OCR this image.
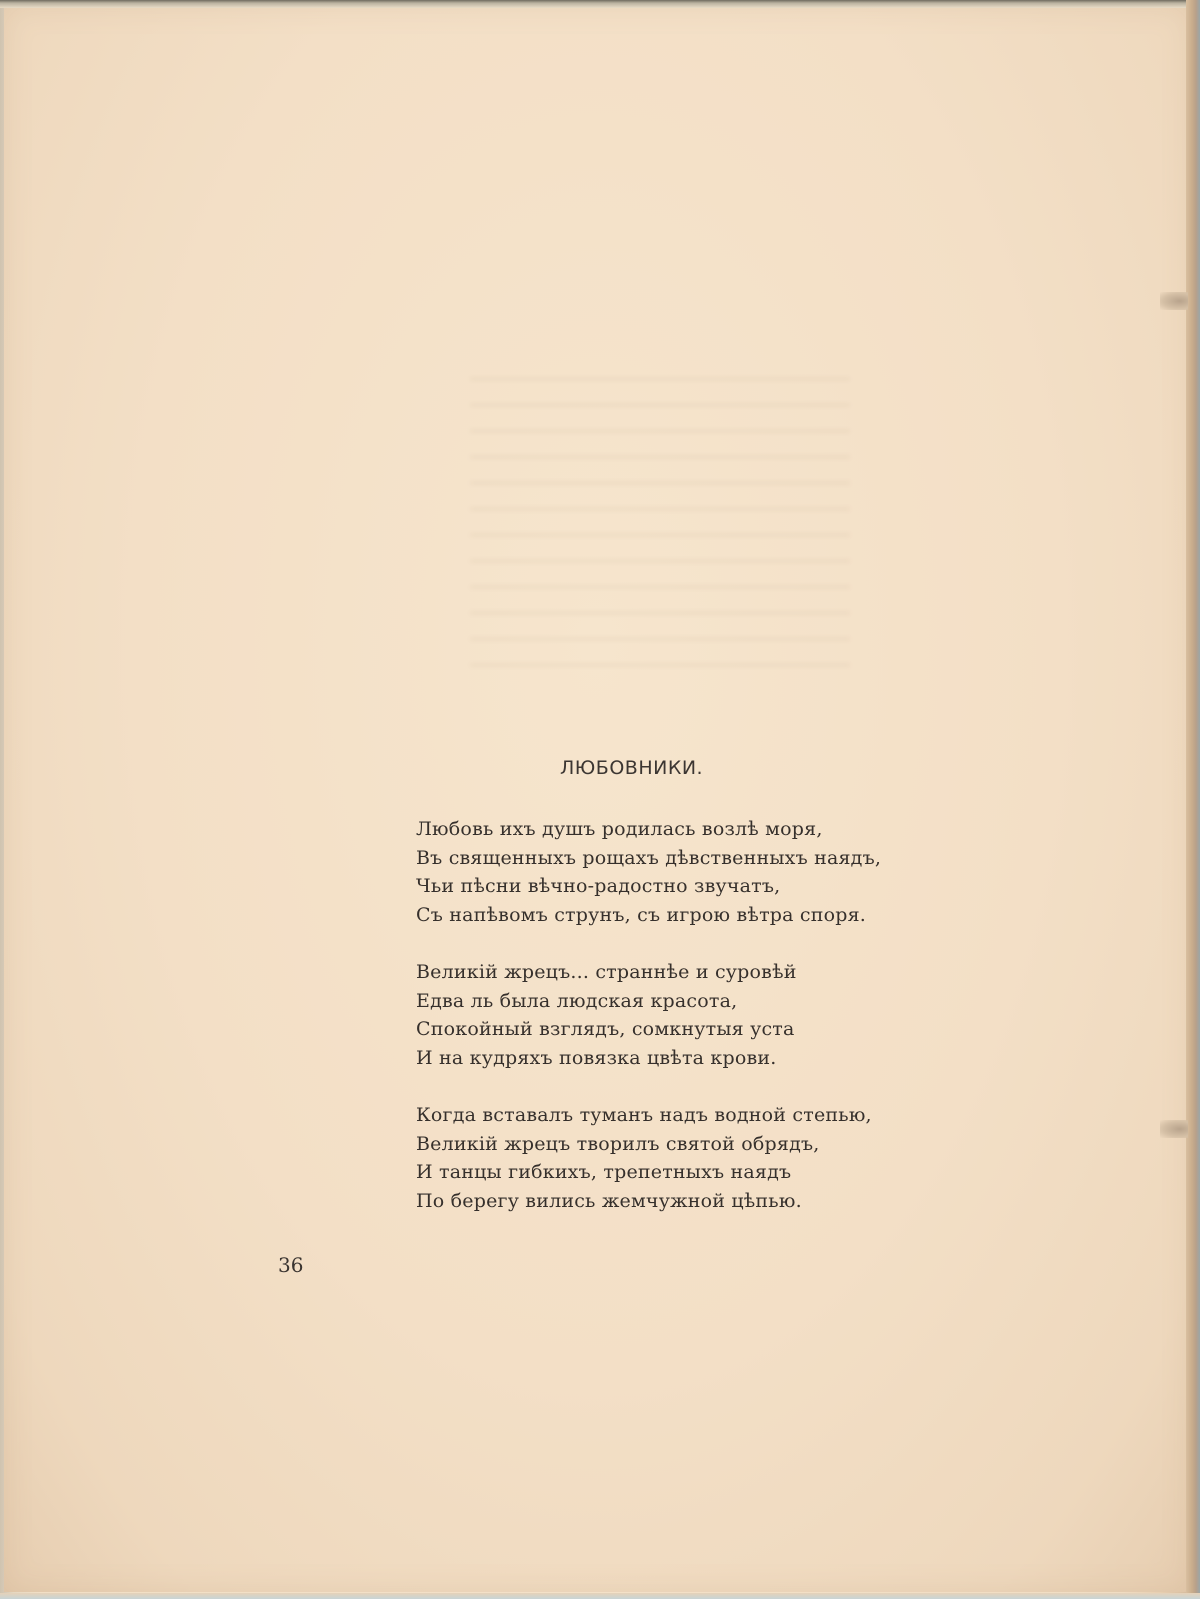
ЛЮБОВНИКИ.
Любовь ихъ душъ родилась возлѣ моря,
Въ священныхъ рощахъ дѣвственныхъ наядъ,
Чьи пѣсни вѣчно-радостно звучатъ,
Съ напѣвомъ струнъ, съ игрою вѣтра споря.
Великій жрецъ... страннѣе и суровѣй
Едва ль была людская красота,
Спокойный взглядъ, сомкнутыя уста
И на кудряхъ повязка цвѣта крови.
Когда вставалъ туманъ надъ водной степью,
Великій жрецъ творилъ святой обрядъ,
И танцы гибкихъ, трепетныхъ наядъ
По берегу вились жемчужной цѣпью.
36
